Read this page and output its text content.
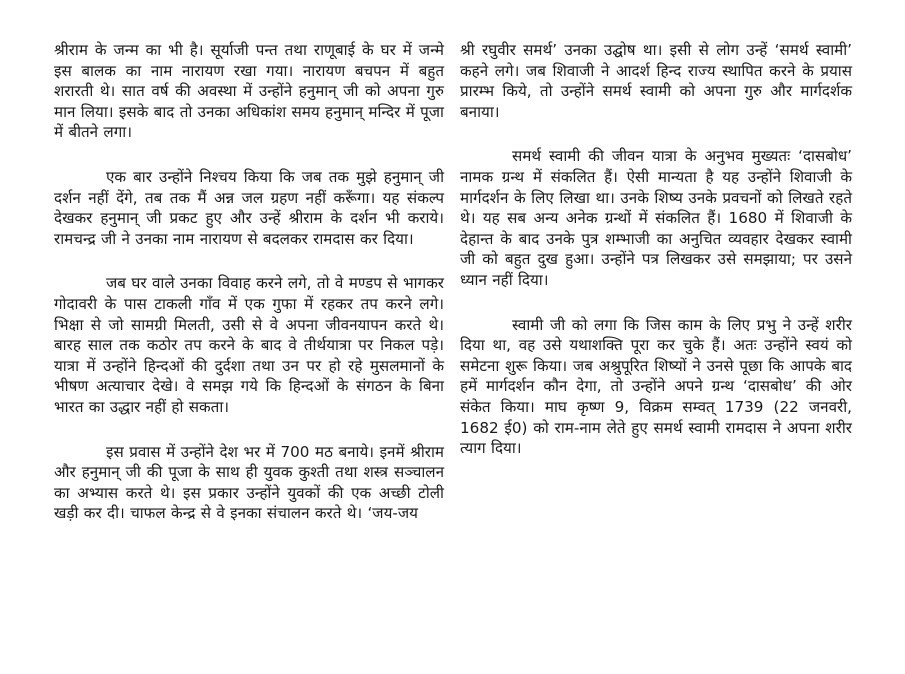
श्रीराम के जन्म का भी है। सूर्याजी पन्त तथा राणूबाई के घर में जन्मे इस बालक का नाम नारायण रखा गया। नारायण बचपन में बहुत शरारती थे। सात वर्ष की अवस्था में उन्होंने हनुमान् जी को अपना गुरु मान लिया। इसके बाद तो उनका अधिकांश समय हनुमान् मन्दिर में पूजा में बीतने लगा।

एक बार उन्होंने निश्चय किया कि जब तक मुझे हनुमान् जी दर्शन नहीं देंगे, तब तक मैं अन्न जल ग्रहण नहीं करूँगा। यह संकल्प देखकर हनुमान् जी प्रकट हुए और उन्हें श्रीराम के दर्शन भी कराये। रामचन्द्र जी ने उनका नाम नारायण से बदलकर रामदास कर दिया।

जब घर वाले उनका विवाह करने लगे, तो वे मण्डप से भागकर गोदावरी के पास टाकली गाँव में एक गुफा में रहकर तप करने लगे। भिक्षा से जो सामग्री मिलती, उसी से वे अपना जीवनयापन करते थे। बारह साल तक कठोर तप करने के बाद वे तीर्थयात्रा पर निकल पड़े। यात्रा में उन्होंने हिन्दओं की दुर्दशा तथा उन पर हो रहे मुसलमानों के भीषण अत्याचार देखे। वे समझ गये कि हिन्दओं के संगठन के बिना भारत का उद्धार नहीं हो सकता।

इस प्रवास में उन्होंने देश भर में 700 मठ बनाये। इनमें श्रीराम और हनुमान् जी की पूजा के साथ ही युवक कुश्ती तथा शस्त्र सञ्चालन का अभ्यास करते थे। इस प्रकार उन्होंने युवकों की एक अच्छी टोली खड़ी कर दी। चाफल केन्द्र से वे इनका संचालन करते थे। ‘जय-जय

श्री रघुवीर समर्थ’ उनका उद्घोष था। इसी से लोग उन्हें ‘समर्थ स्वामी’ कहने लगे। जब शिवाजी ने आदर्श हिन्द राज्य स्थापित करने के प्रयास प्रारम्भ किये, तो उन्होंने समर्थ स्वामी को अपना गुरु और मार्गदर्शक बनाया।

समर्थ स्वामी की जीवन यात्रा के अनुभव मुख्यतः ‘दासबोध’ नामक ग्रन्थ में संकलित हैं। ऐसी मान्यता है यह उन्होंने शिवाजी के मार्गदर्शन के लिए लिखा था। उनके शिष्य उनके प्रवचनों को लिखते रहते थे। यह सब अन्य अनेक ग्रन्थों में संकलित हैं। 1680 में शिवाजी के देहान्त के बाद उनके पुत्र शम्भाजी का अनुचित व्यवहार देखकर स्वामी जी को बहुत दुख हुआ। उन्होंने पत्र लिखकर उसे समझाया; पर उसने ध्यान नहीं दिया।

स्वामी जी को लगा कि जिस काम के लिए प्रभु ने उन्हें शरीर दिया था, वह उसे यथाशक्ति पूरा कर चुके हैं। अतः उन्होंने स्वयं को समेटना शुरू किया। जब अश्रुपूरित शिष्यों ने उनसे पूछा कि आपके बाद हमें मार्गदर्शन कौन देगा, तो उन्होंने अपने ग्रन्थ ‘दासबोध’ की ओर संकेत किया। माघ कृष्ण 9, विक्रम सम्वत् 1739 (22 जनवरी, 1682 ई0) को राम-नाम लेते हुए समर्थ स्वामी रामदास ने अपना शरीर त्याग दिया।
